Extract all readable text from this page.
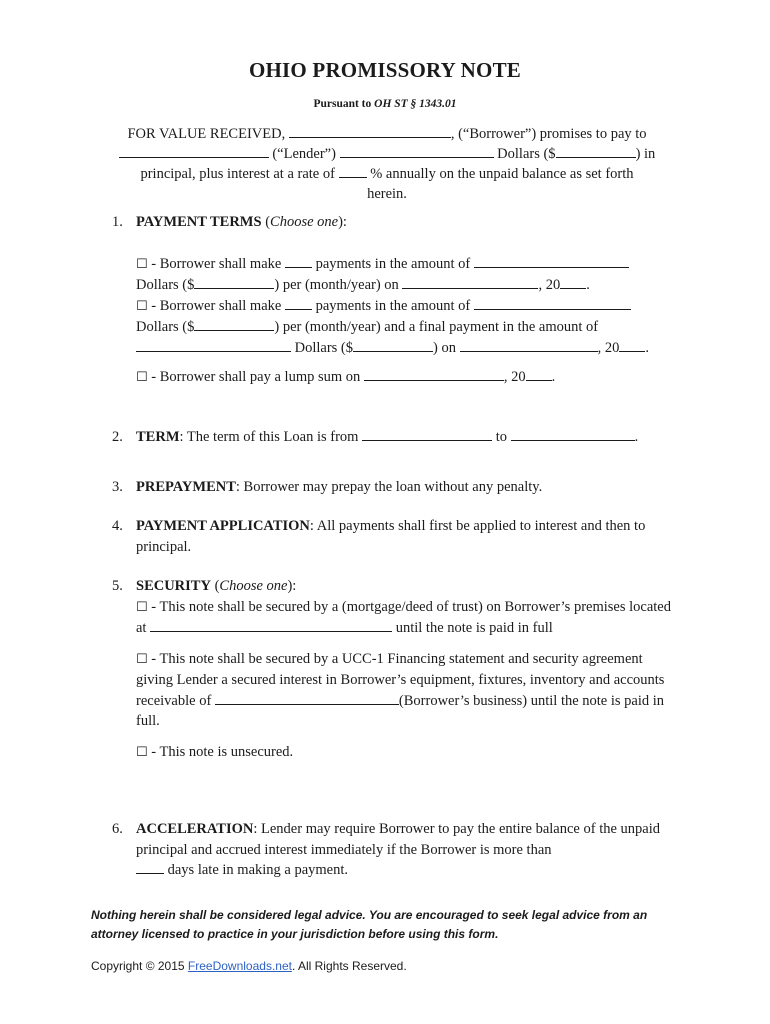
OHIO PROMISSORY NOTE
Pursuant to OH ST § 1343.01
FOR VALUE RECEIVED,	, (“Borrower”) promises to pay to
(“Lender”)	Dollars ($	) in
principal, plus interest at a rate of % annually on the unpaid balance as set forth
herein.
1. PAYMENT TERMS (Choose one):
☐ - Borrower shall make payments in the amount of
Dollars ($	) per (month/year) on	, 20 .
☐ - Borrower shall make payments in the amount of
Dollars ($	) per (month/year) and a final payment in the amount of
Dollars ($	) on	, 20 .
☐ - Borrower shall pay a lump sum on	, 20 .
2. TERM: The term of this Loan is from	to	.
3. PREPAYMENT: Borrower may prepay the loan without any penalty.
4. PAYMENT APPLICATION: All payments shall first be applied to interest and then to principal.
5. SECURITY (Choose one):
☐ - This note shall be secured by a (mortgage/deed of trust) on Borrower’s premises located at	until the note is paid in full
☐ - This note shall be secured by a UCC-1 Financing statement and security agreement giving Lender a secured interest in Borrower’s equipment, fixtures, inventory and accounts receivable of	(Borrower’s business) until the note is paid in full.
☐ - This note is unsecured.
6. ACCELERATION: Lender may require Borrower to pay the entire balance of the unpaid principal and accrued interest immediately if the Borrower is more than
days late in making a payment.
Nothing herein shall be considered legal advice. You are encouraged to seek legal advice from an attorney licensed to practice in your jurisdiction before using this form.
Copyright © 2015 FreeDownloads.net. All Rights Reserved.
